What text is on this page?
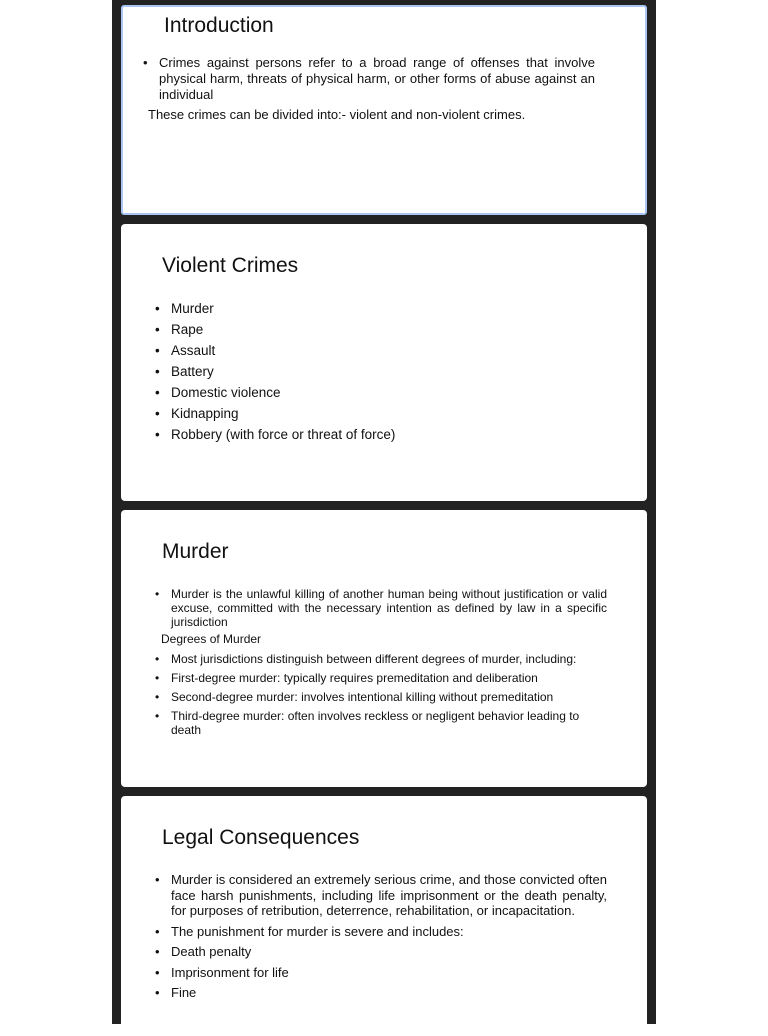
Introduction
• Crimes against persons refer to a broad range of offenses that involve physical harm, threats of physical harm, or other forms of abuse against an individual

These crimes can be divided into:- violent and non-violent crimes.

Violent Crimes
• Murder
• Rape
• Assault
• Battery
• Domestic violence
• Kidnapping
• Robbery (with force or threat of force)
Murder
• Murder is the unlawful killing of another human being without justification or valid excuse, committed with the necessary intention as defined by law in a specific jurisdiction

Degrees of Murder

• Most jurisdictions distinguish between different degrees of murder, including:
• First-degree murder: typically requires premeditation and deliberation
• Second-degree murder: involves intentional killing without premeditation
• Third-degree murder: often involves reckless or negligent behavior leading to death
Legal Consequences
• Murder is considered an extremely serious crime, and those convicted often face harsh punishments, including life imprisonment or the death penalty, for purposes of retribution, deterrence, rehabilitation, or incapacitation.
• The punishment for murder is severe and includes:
• Death penalty
• Imprisonment for life
• Fine
